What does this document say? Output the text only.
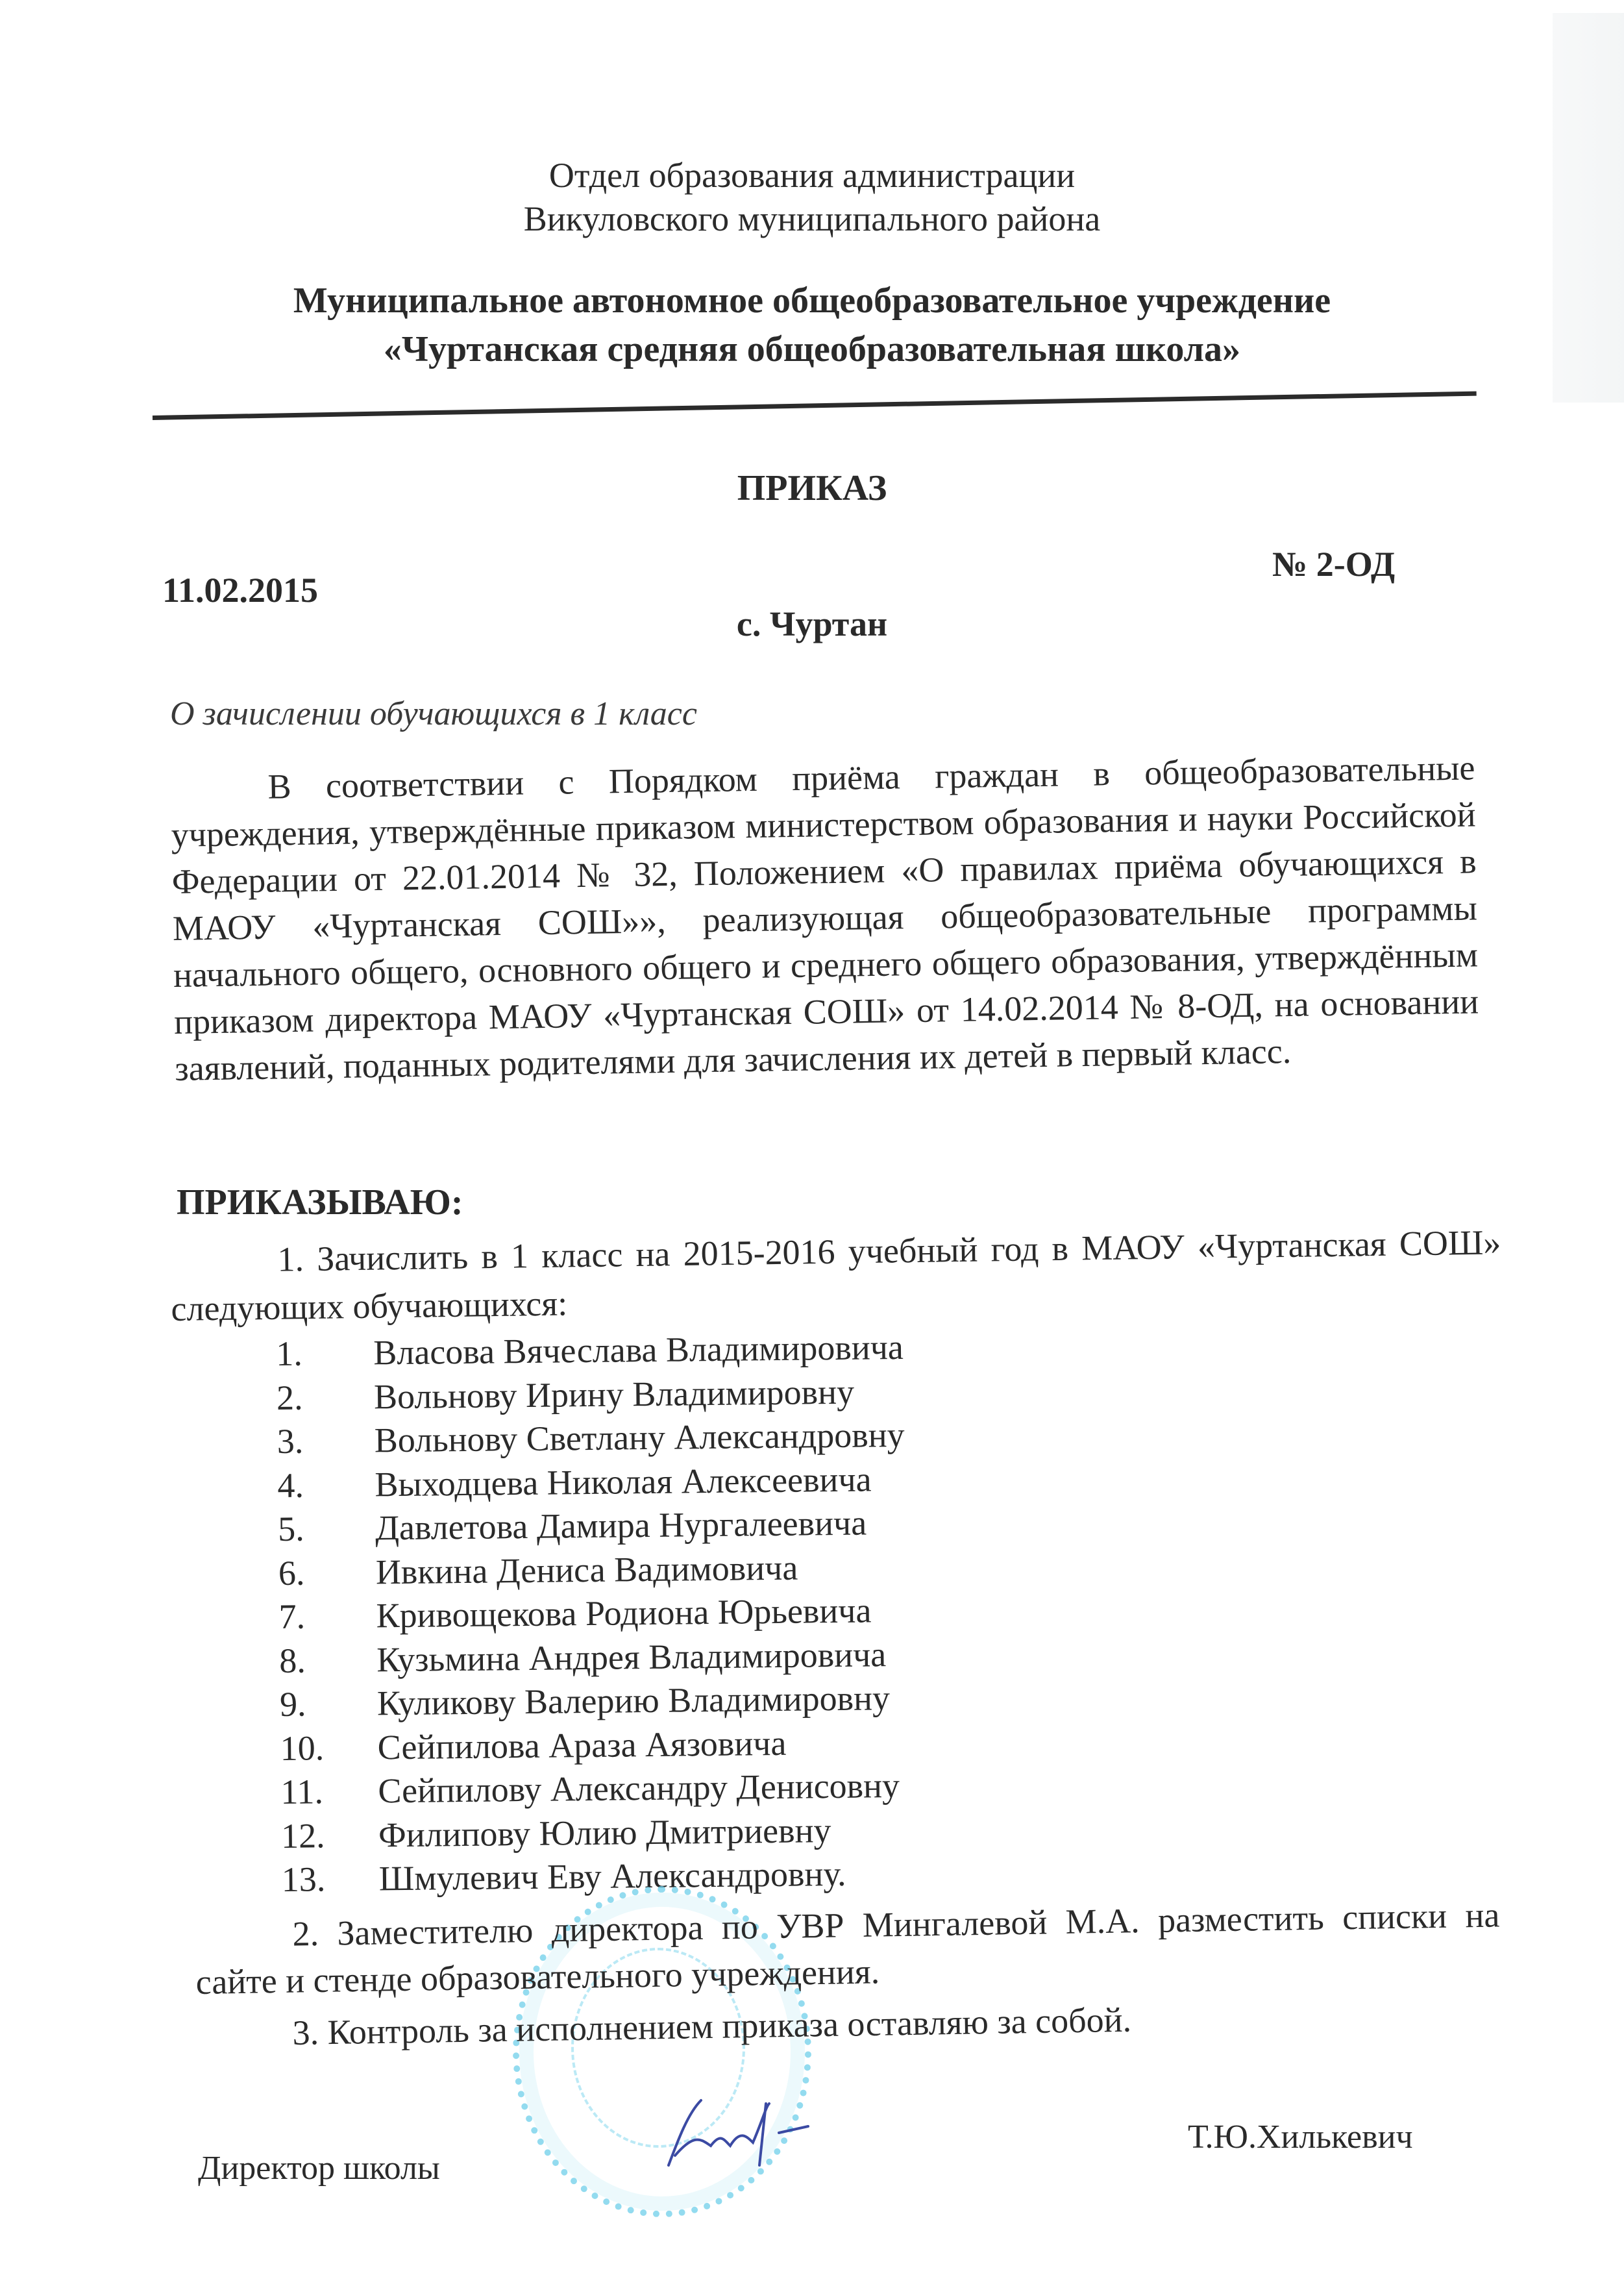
Отдел образования администрации
Викуловского муниципального района
Муниципальное автономное общеобразовательное учреждение
«Чуртанская средняя общеобразовательная школа»
ПРИКАЗ
№ 2-ОД
11.02.2015
с. Чуртан
О зачислении обучающихся в 1 класс
В соответствии с Порядком приёма граждан в общеобразовательные учреждения, утверждённые приказом министерством образования и науки Российской Федерации от 22.01.2014 № 32, Положением «О правилах приёма обучающихся в МАОУ «Чуртанская СОШ»», реализующая общеобразовательные программы начального общего, основного общего и среднего общего образования, утверждённым приказом директора МАОУ «Чуртанская СОШ» от 14.02.2014 № 8-ОД, на основании заявлений, поданных родителями для зачисления их детей в первый класс.
ПРИКАЗЫВАЮ:
1. Зачислить в 1 класс на 2015-2016 учебный год в МАОУ «Чуртанская СОШ» следующих обучающихся:
1.	Власова Вячеслава Владимировича
2.	Вольнову Ирину Владимировну
3.	Вольнову Светлану Александровну
4.	Выходцева Николая Алексеевича
5.	Давлетова Дамира Нургалеевича
6.	Ивкина Дениса Вадимовича
7.	Кривощекова Родиона Юрьевича
8.	Кузьмина Андрея Владимировича
9.	Куликову Валерию Владимировну
10.	Сейпилова Араза Аязовича
11.	Сейпилову Александру Денисовну
12.	Филипову Юлию Дмитриевну
13.	Шмулевич Еву Александровну.
2. Заместителю директора по УВР Мингалевой М.А. разместить списки на сайте и стенде образовательного учреждения.
3. Контроль за исполнением приказа оставляю за собой.
Директор школы
Т.Ю.Хилькевич
